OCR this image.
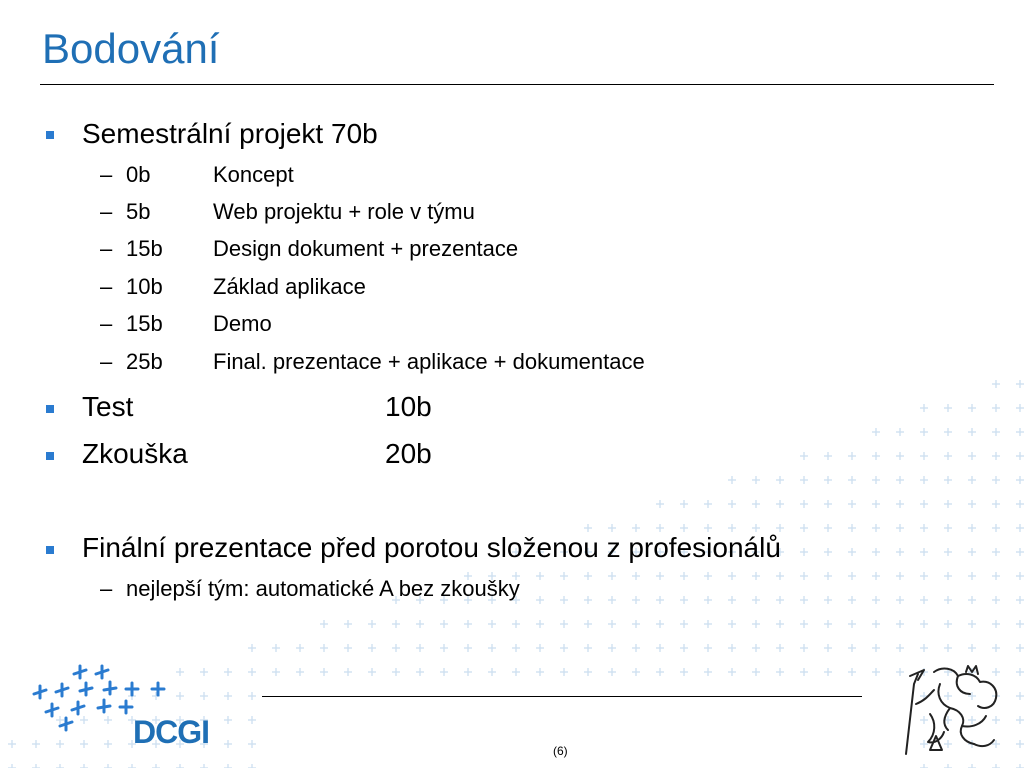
Bodování
Semestrální projekt 70b
– 0b	Koncept
– 5b	Web projektu + role v týmu
– 15b Design dokument + prezentace
– 10b Základ aplikace
– 15b Demo
– 25b Final. prezentace + aplikace + dokumentace
Test	10b
Zkouška	20b
Finální prezentace před porotou složenou z profesionálů
– nejlepší tým: automatické A bez zkoušky
(6)
DCGI
